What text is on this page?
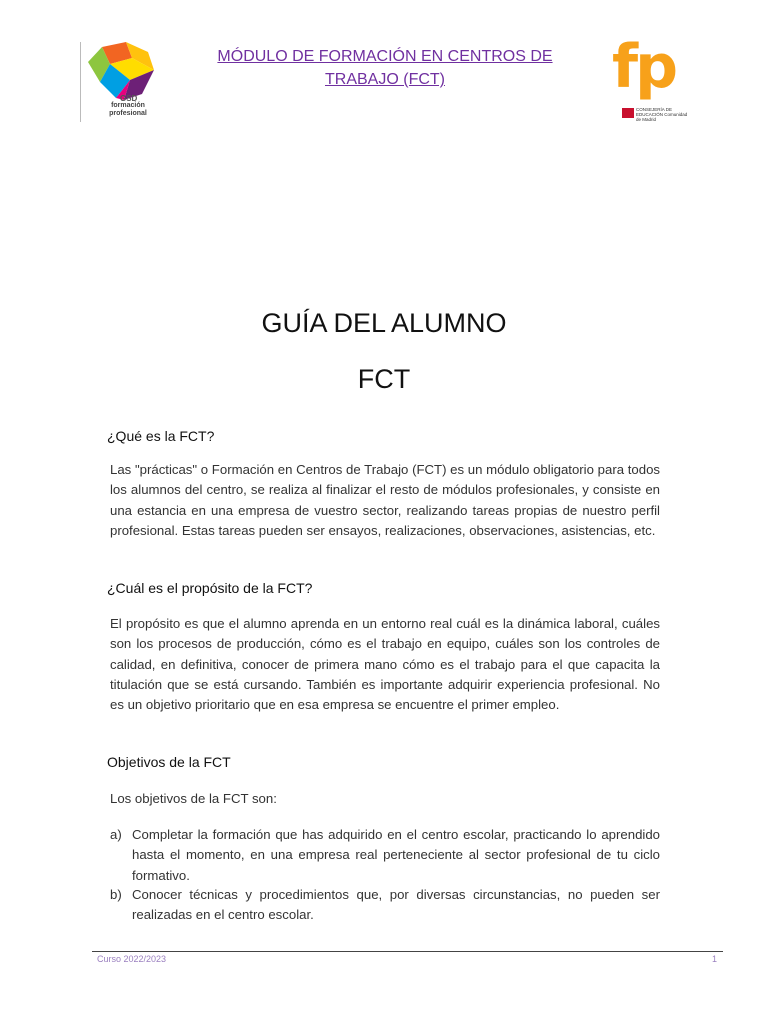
GSD
formación
profesional
MÓDULO DE FORMACIÓN EN CENTROS DE
TRABAJO (FCT)	fp
CONSEJERÍA DE EDUCACIÓN Comunidad de Madrid
GUÍA DEL ALUMNO
FCT
¿Qué es la FCT?

Las "prácticas" o Formación en Centros de Trabajo (FCT) es un módulo obligatorio para todos los alumnos del centro, se realiza al finalizar el resto de módulos profesionales, y consiste en una estancia en una empresa de vuestro sector, realizando tareas propias de nuestro perfil profesional. Estas tareas pueden ser ensayos, realizaciones, observaciones, asistencias, etc.

¿Cuál es el propósito de la FCT?

El propósito es que el alumno aprenda en un entorno real cuál es la dinámica laboral, cuáles son los procesos de producción, cómo es el trabajo en equipo, cuáles son los controles de calidad, en definitiva, conocer de primera mano cómo es el trabajo para el que capacita la titulación que se está cursando. También es importante adquirir experiencia profesional. No es un objetivo prioritario que en esa empresa se encuentre el primer empleo.

Objetivos de la FCT

Los objetivos de la FCT son:

a) Completar la formación que has adquirido en el centro escolar, practicando lo aprendido hasta el momento, en una empresa real perteneciente al sector profesional de tu ciclo formativo.
b) Conocer técnicas y procedimientos que, por diversas circunstancias, no pueden ser realizadas en el centro escolar.
Curso 2022/2023	1
